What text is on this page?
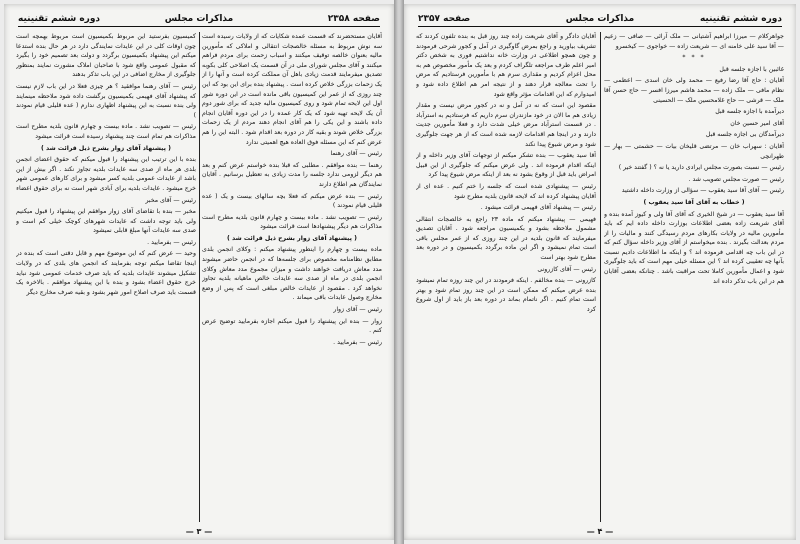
صفحه ۲۳۵۸
مذاکرات مجلس
دوره ششم تقنینیه

آقایان مستحضرند که قسمت عمده شکایات که از ولایات رسیده است سه نوش مربوط به مسئله خالصجات انتقالی و املاکی که مأمورین مالیه بعنوان خالصه توقیف میکنند و اسباب زحمت برای مردم فراهم میکنند و آقای مجلس شورای ملی در آن قسمت یک اصلاحی کلی بکوبه تصدیق میفرمایند قدمت زیادی باهل آن مملکت کرده است و آنها را از یک زحمات بزرگی خلاص کرده است . پیشنهاد بنده برای این بود که این چند روزی که از عمر این کمیسیون باقی مانده است در این دوره شور اول این لایحه تمام شود و روی کمیسیون مالیه جدید که برای شور دوم آن یک لایحه تهیه شود که یک کار عمده را در این دوره آقایان انجام داده باشند و این یکی را هم آقای انجام دهند مردم از یک زحمات بزرگی خلاص شوند و بقیه کار در دوره بعد اقدام شود . البته این را هم عرض کنم که این مسئله فوق العاده هیچ اهمیتی ندارد

رئیس — آقای رهنما

رهنما — بنده موافقم . مطلبی که قبلا بنده خواستم عرض کنم و بعد هم دیگر لزومی ندارد جلسه را مدت زیادی به تعطیل برسانیم . آقایان نمایندگان هم اطلاع دارند

رئیس — بنده عرض میکنم که فعلا بچه سالهای بیست و یک ( عده قلیلی قیام نمودند )

رئیس — تصویب نشد . ماده بیست و چهارم قانون بلدیه مطرح است مذاکرات هم دیگر پیشنهادها است قرائت میشود

( پیشنهاد آقای زوار بشرح ذیل قرائت شد )

ماده بیست و چهارم را اینطور پیشنهاد میکنم : وکلای انجمن بلدی مطابق نظامنامه مخصوص برای جلسه‌ها که در انجمن حاضر میشوند مدد معاش دریافت خواهند داشت و میزان مجموع مدد معاش وکلای انجمن بلدی در ماه از صدی سه عایدات خالص ماهیانه بلدیه تجاوز نخواهد کرد . مقصود از عایدات خالص مبلغی است که پس از وضع مخارج وصول عایدات باقی میماند .

رئیس — آقای زوار

زوار — بنده این پیشنهاد را قبول میکنم اجازه بفرمایید توضیح عرض کنم .

رئیس — بفرمایید .

کمیسیون بفرستید این مربوط بکمیسیون است مربوط بهمچه است چون اوقات کلی در این عایدات نمایندگی دارد در هر حال بنده استدعا میکنم این پیشنهاد بکمیسیون برگردد و دولت بعد تصمیم خود را بگیرد که مقبول عمومی واقع شود با صاحبان املاک مشورت نمایند بمنظور جلوگیری از مخارج اضافی در این باب تذکر بدهند

رئیس — آقای رهنما موافقید ؟ هر چیزی فعلا در این باب لازم نیست که پیشنهاد آقای فهیمی بکمیسیون برگشت داده شود ملاحظه مینمایند ولی بنده نسبت به این پیشنهاد اظهاری ندارم ( عده قلیلی قیام نمودند )

رئیس — تصویب نشد . ماده بیست و چهارم قانون بلدیه مطرح است مذاکرات هم تمام است چند پیشنهاد رسیده است قرائت میشود

( پیشنهاد آقای زوار بشرح ذیل قرائت شد )

بنده با این ترتیب این پیشنهاد را قبول میکنم که حقوق اعضای انجمن بلدی هر ماه از صدی سه عایدات بلدیه تجاوز نکند . اگر بیش از این باشد از عایدات عمومی بلدیه کسر میشود و برای کارهای عمومی شهر خرج میشود . عایدات بلدیه برای آبادی شهر است نه برای حقوق اعضاء

رئیس — آقای مخبر

مخبر — بنده با تقاضای آقای زوار موافقم این پیشنهاد را قبول میکنیم ولی باید توجه داشت که عایدات شهرهای کوچک خیلی کم است و صدی سه عایدات آنها مبلغ قابلی نمیشود

رئیس — بفرمایید .

وحید — عرض کنم که این موضوع مهم و قابل دقتی است که بنده در اینجا تقاضا میکنم توجه بفرمایند که انجمن های بلدی که در ولایات تشکیل میشوند عایدات بلدیه که باید صرف خدمات عمومی شود نباید خرج حقوق اعضاء بشود و بنده با این پیشنهاد موافقم . بالاخره یک قسمت باید صرف اصلاح امور شهر بشود و بقیه صرف مخارج دیگر

— ۳ —
صفحه ۲۳۵۷	مذاکرات مجلس	دوره ششم تقنینیه

جواهرکلام — میرزا ابراهیم آشتیانی — ملک آرائی — صافی — زعیم — آقا سید علی خامنه ای — شریعت زاده — خواجوی — کیخسرو

* * *

غائبین با اجازه جلسه قبل

آقایان : حاج آقا رضا رفیع — محمد ولی خان اسدی — اعظمی — نظام مافی — ملک زاده — محمد هاشم میرزا افسر — حاج حسن آقا ملک — قرشی — حاج غلامحسین ملک — الحسینی

دیرآمده با اجازه جلسه قبل

آقای امیر حسین خان

دیرآمدگان بی اجازه جلسه قبل

آقایان : سهراب خان — مرتضی قلیخان بیات — حشمتی — بهار — طهرانچی

رئیس — نسبت بصورت مجلس ایرادی دارید یا نه ؟ ( گفتند خیر )

رئیس — صورت مجلس تصویب شد .

رئیس — آقای آقا سید یعقوب — سؤالی از وزارت داخله داشتید

( خطاب به آقای آقا سید یعقوب )

آقا سید یعقوب — در شیخ الخیری که آقای آقا ولی و کیوز آمده بنده و آقای شریعت زاده بعضی اطلاعات بوزارت داخله داده ایم که باید مأمورین مالیه در ولایات بکارهای مردم رسیدگی کنند و مالیات را از مردم بعدالت بگیرند . بنده میخواستم از آقای وزیر داخله سؤال کنم که در این باب چه اقدامی فرموده اند ؟ و اینکه ما اطلاعات دادیم نسبت بآنها چه تعقیبی کرده اند ؟ این مسئله خیلی مهم است که باید جلوگیری شود و اعمال مأمورین کاملا تحت مراقبت باشد . چنانکه بعضی آقایان هم در این باب تذکر داده اند

آقایان دادگر و آقای شریعت زاده چند روز قبل به بنده تلفون کردند که تشریف بیاورید و راجع بمرض گاوگیری در آمل و کجور شرحی فرمودند و چون همچو اطلاعی در وزارت خانه نداشتیم فوری به شخص دکتر امیر اعلم طرف مراجعه تلگراف کردم و بعد یک مأمور مخصوص هم به محل اعزام کردیم و مقداری سرم هم با مأمورین فرستادیم که مرض را تحت معالجه قرار دهند و از نتیجه امر هم اطلاع داده شود و امیدوارم که این اقدامات مؤثر واقع شود

مقصود این است که نه در آمل و نه در کجور مرض نیست و مقدار زیادی هم ما الان در خود مازندران سرم داریم که فرستادیم به استرآباد . در قسمت استرآباد مرض خیلی شدت دارد و فعلا مأمورین جدیت دارند و در اینجا هم اقدامات لازمه شده است که از هر جهت جلوگیری شود و مرض شیوع پیدا نکند

آقا سید یعقوب — بنده تشکر میکنم از توجهات آقای وزیر داخله و از اینکه اقدام فرموده اند . ولی عرض میکنم که جلوگیری از این قبیل امراض باید قبل از وقوع بشود نه بعد از اینکه مرض شیوع پیدا کرد

رئیس — پیشنهادی شده است که جلسه را ختم کنیم . عده ای از آقایان پیشنهاد کرده اند که لایحه قانون بلدیه مطرح شود

رئیس — پیشنهاد آقای فهیمی قرائت میشود .

فهیمی — پیشنهاد میکنم که ماده ۲۳ راجع به خالصجات انتقالی مشمول ملاحظه بشود و بکمیسیون مراجعه شود . آقایان تصدیق میفرمایند که قانون بلدیه در این چند روزی که از عمر مجلس باقی است تمام نمیشود و اگر این ماده برگردد بکمیسیون و در دوره بعد مطرح شود بهتر است

رئیس — آقای کازرونی

کازرونی — بنده مخالفم . اینکه فرمودند در این چند روزه تمام نمیشود بنده عرض میکنم که ممکن است در این چند روز تمام شود و بهتر است تمام کنیم . اگر ناتمام بماند در دوره بعد باز باید از اول شروع کرد

— ۴ —
